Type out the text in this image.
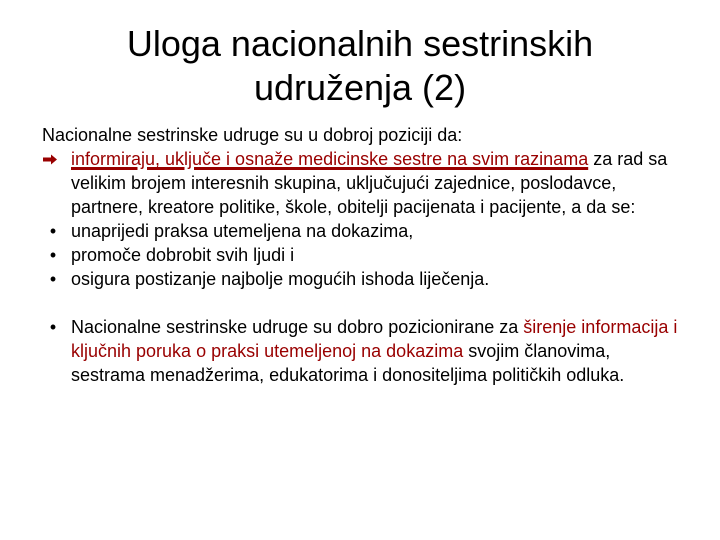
Uloga nacionalnih sestrinskih
udruženja (2)

Nacionalne sestrinske udruge su u dobroj poziciji da:

informiraju, uključe i osnaže medicinske sestre na svim razinama za rad sa velikim brojem interesnih skupina, uključujući zajednice, poslodavce, partnere, kreatore politike, škole, obitelji pacijenata i pacijente, a da se:
• unaprijedi praksa utemeljena na dokazima,
• promoče dobrobit svih ljudi i
• osigura postizanje najbolje mogućih ishoda liječenja.
• Nacionalne sestrinske udruge su dobro pozicionirane za širenje informacija i ključnih poruka o praksi utemeljenoj na dokazima svojim članovima, sestrama menadžerima, edukatorima i donositeljima političkih odluka.
